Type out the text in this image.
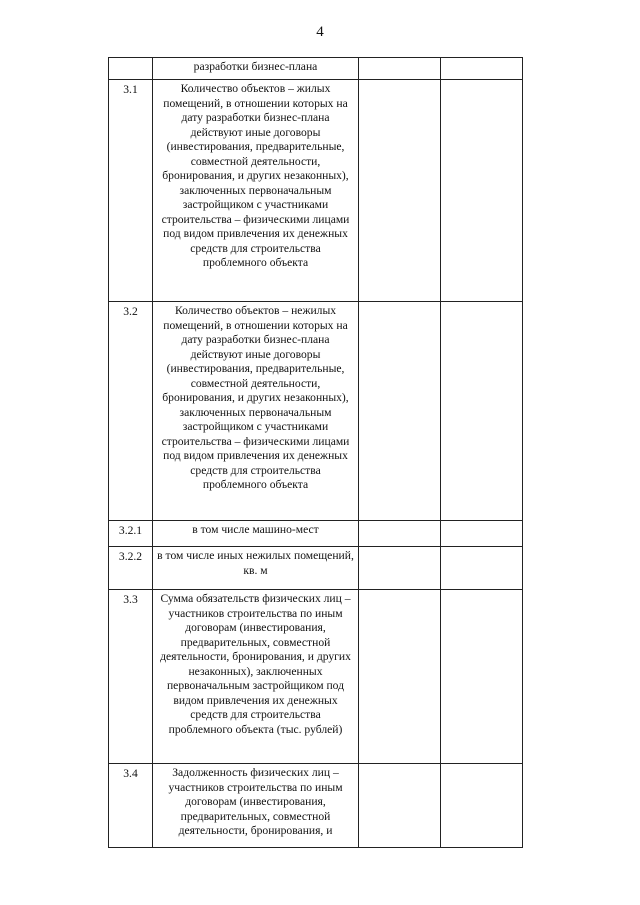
4
	разработки бизнес-плана		
3.1	Количество объектов – жилых помещений, в отношении которых на дату разработки бизнес-плана действуют иные договоры (инвестирования, предварительные, совместной деятельности, бронирования, и других незаконных), заключенных первоначальным застройщиком с участниками строительства – физическими лицами под видом привлечения их денежных средств для строительства проблемного объекта		
3.2	Количество объектов – нежилых помещений, в отношении которых на дату разработки бизнес-плана действуют иные договоры (инвестирования, предварительные, совместной деятельности, бронирования, и других незаконных), заключенных первоначальным застройщиком с участниками строительства – физическими лицами под видом привлечения их денежных средств для строительства проблемного объекта		
3.2.1	в том числе машино-мест		
3.2.2	в том числе иных нежилых помещений, кв. м		
3.3	Сумма обязательств физических лиц – участников строительства по иным договорам (инвестирования, предварительных, совместной деятельности, бронирования, и других незаконных), заключенных первоначальным застройщиком под видом привлечения их денежных средств для строительства проблемного объекта (тыс. рублей)		
3.4	Задолженность физических лиц – участников строительства по иным договорам (инвестирования, предварительных, совместной деятельности, бронирования, и		
